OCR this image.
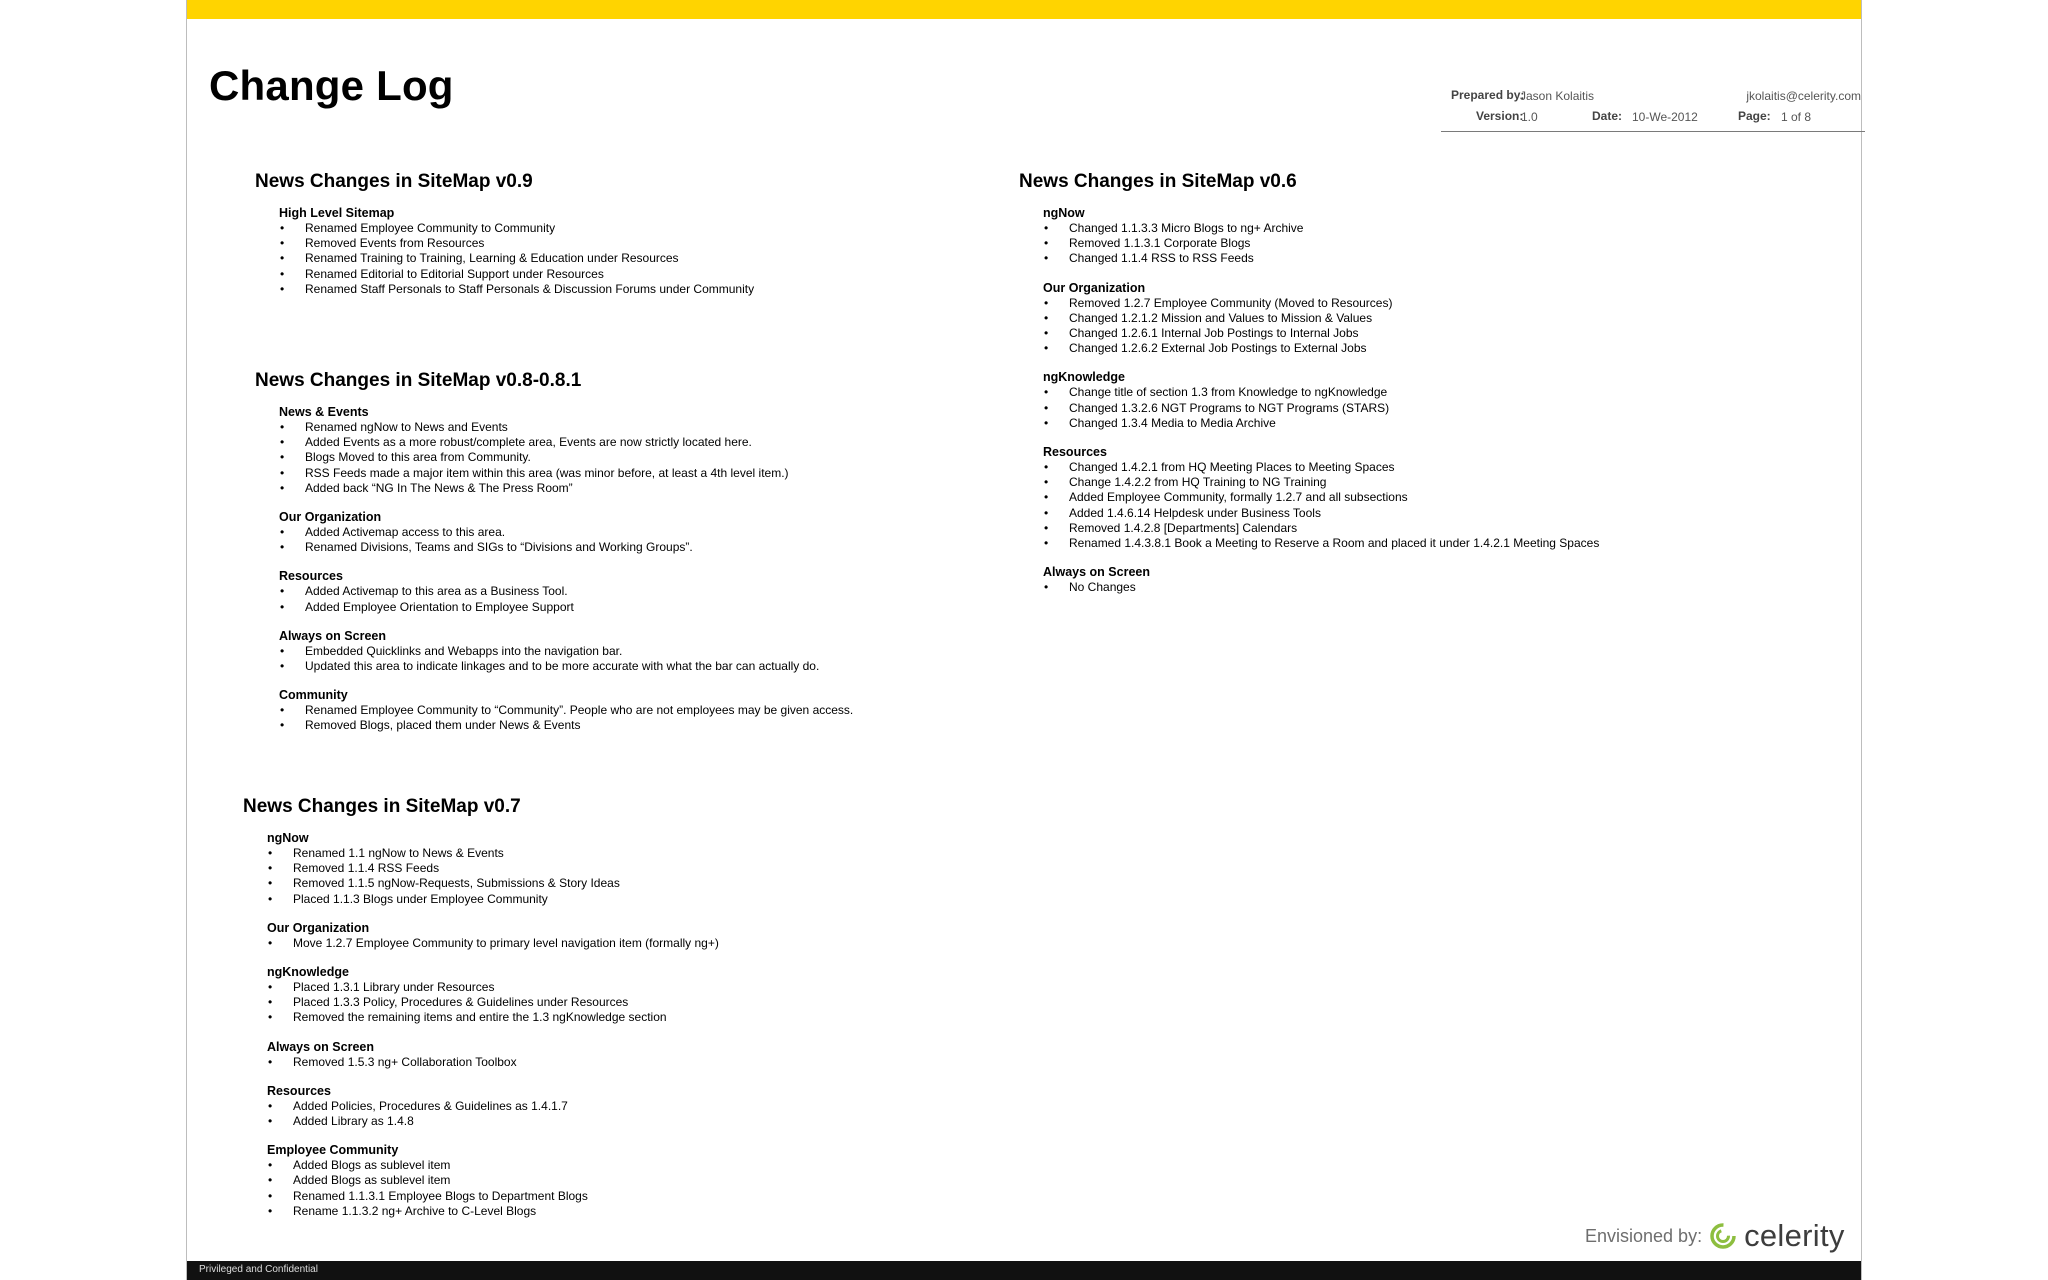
Change Log	Prepared by:
Jason Kolaitis	jkolaitis@celerity.com
Version:
1.0	Date: 10-We-2012	Page: 1 of 8
News Changes in SiteMap v0.9
High Level Sitemap
• Renamed Employee Community to Community
• Removed Events from Resources
• Renamed Training to Training, Learning & Education under Resources
• Renamed Editorial to Editorial Support under Resources
• Renamed Staff Personals to Staff Personals & Discussion Forums under Community
News Changes in SiteMap v0.8-0.8.1
News & Events
• Renamed ngNow to News and Events
• Added Events as a more robust/complete area, Events are now strictly located here.
• Blogs Moved to this area from Community.
• RSS Feeds made a major item within this area (was minor before, at least a 4th level item.)
• Added back “NG In The News & The Press Room”
Our Organization
• Added Activemap access to this area.
• Renamed Divisions, Teams and SIGs to “Divisions and Working Groups”.
Resources
• Added Activemap to this area as a Business Tool.
• Added Employee Orientation to Employee Support
Always on Screen
• Embedded Quicklinks and Webapps into the navigation bar.
• Updated this area to indicate linkages and to be more accurate with what the bar can actually do.
Community
• Renamed Employee Community to “Community”. People who are not employees may be given access.
• Removed Blogs, placed them under News & Events
News Changes in SiteMap v0.7
ngNow
• Renamed 1.1 ngNow to News & Events
• Removed 1.1.4 RSS Feeds
• Removed 1.1.5 ngNow-Requests, Submissions & Story Ideas
• Placed 1.1.3 Blogs under Employee Community
Our Organization
• Move 1.2.7 Employee Community to primary level navigation item (formally ng+)
ngKnowledge
• Placed 1.3.1 Library under Resources
• Placed 1.3.3 Policy, Procedures & Guidelines under Resources
• Removed the remaining items and entire the 1.3 ngKnowledge section
Always on Screen
• Removed 1.5.3 ng+ Collaboration Toolbox
Resources
• Added Policies, Procedures & Guidelines as 1.4.1.7
• Added Library as 1.4.8
Employee Community
• Added Blogs as sublevel item
• Added Blogs as sublevel item
• Renamed 1.1.3.1 Employee Blogs to Department Blogs
• Rename 1.1.3.2 ng+ Archive to C-Level Blogs
News Changes in SiteMap v0.6
ngNow
• Changed 1.1.3.3 Micro Blogs to ng+ Archive
• Removed 1.1.3.1 Corporate Blogs
• Changed 1.1.4 RSS to RSS Feeds
Our Organization
• Removed 1.2.7 Employee Community (Moved to Resources)
• Changed 1.2.1.2 Mission and Values to Mission & Values
• Changed 1.2.6.1 Internal Job Postings to Internal Jobs
• Changed 1.2.6.2 External Job Postings to External Jobs
ngKnowledge
• Change title of section 1.3 from Knowledge to ngKnowledge
• Changed 1.3.2.6 NGT Programs to NGT Programs (STARS)
• Changed 1.3.4 Media to Media Archive
Resources
• Changed 1.4.2.1 from HQ Meeting Places to Meeting Spaces
• Change 1.4.2.2 from HQ Training to NG Training
• Added Employee Community, formally 1.2.7 and all subsections
• Added 1.4.6.14 Helpdesk under Business Tools
• Removed 1.4.2.8 [Departments] Calendars
• Renamed 1.4.3.8.1 Book a Meeting to Reserve a Room and placed it under 1.4.2.1 Meeting Spaces
Always on Screen
• No Changes
Envisioned by: celerity
Privileged and Confidential
